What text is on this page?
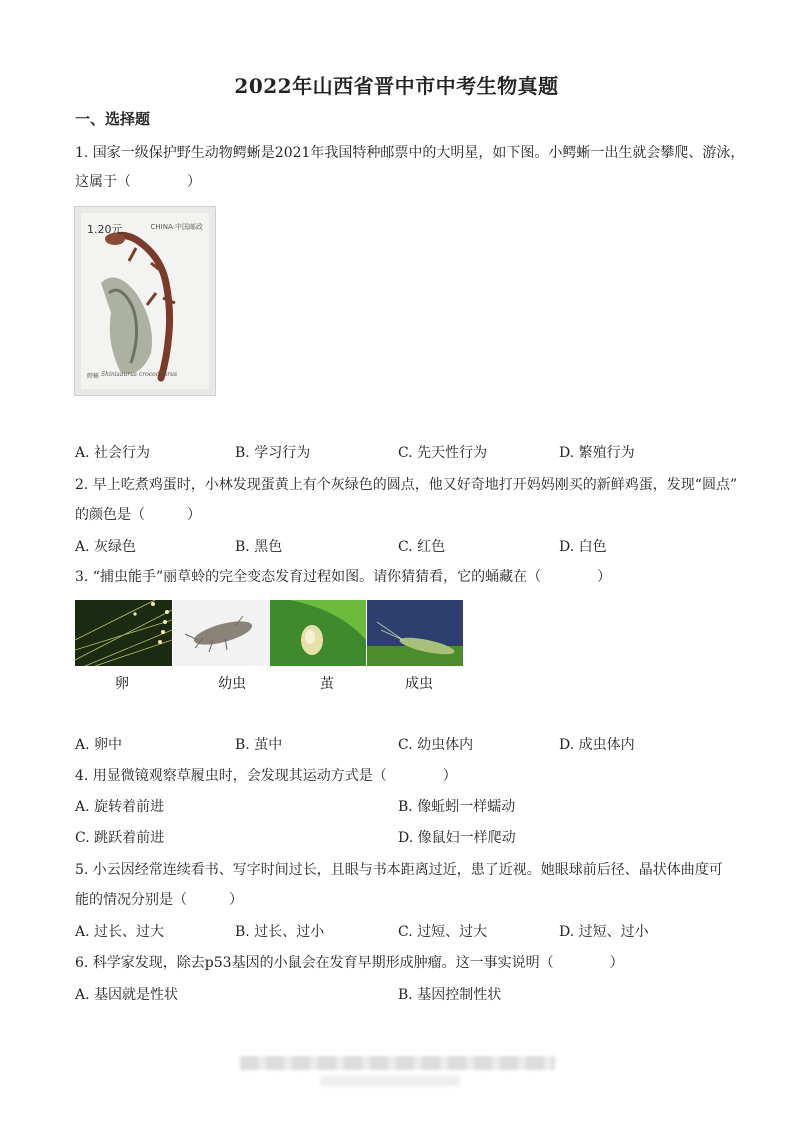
2022年山西省晋中市中考生物真题
一、选择题
1. 国家一级保护野生动物鳄蜥是2021年我国特种邮票中的大明星，如下图。小鳄蜥一出生就会攀爬、游泳，
这属于（　　　　）
1.20元	CHINA 中国邮政
鳄蜥 Shinisaurus crocodilurus
A. 社会行为	B. 学习行为	C. 先天性行为	D. 繁殖行为
2. 早上吃煮鸡蛋时，小林发现蛋黄上有个灰绿色的圆点，他又好奇地打开妈妈刚买的新鲜鸡蛋，发现“圆点”
的颜色是（　　　）
A. 灰绿色	B. 黑色	C. 红色	D. 白色
3. “捕虫能手”丽草蛉的完全变态发育过程如图。请你猜猜看，它的蛹藏在（　　　　）
卵	幼虫	茧	成虫
A. 卵中	B. 茧中	C. 幼虫体内	D. 成虫体内
4. 用显微镜观察草履虫时，会发现其运动方式是（　　　　）
A. 旋转着前进	B. 像蚯蚓一样蠕动
C. 跳跃着前进	D. 像鼠妇一样爬动
5. 小云因经常连续看书、写字时间过长，且眼与书本距离过近，患了近视。她眼球前后径、晶状体曲度可
能的情况分别是（　　　）
A. 过长、过大	B. 过长、过小	C. 过短、过大	D. 过短、过小
6. 科学家发现，除去p53基因的小鼠会在发育早期形成肿瘤。这一事实说明（　　　　）
A. 基因就是性状	B. 基因控制性状
